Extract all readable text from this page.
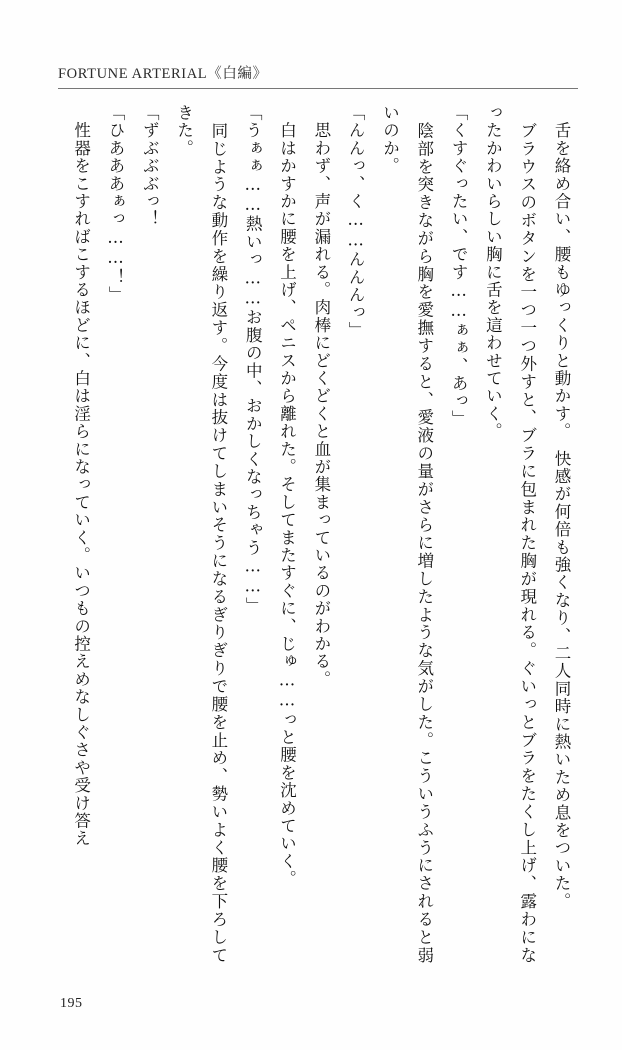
FORTUNE ARTERIAL《白編》

　舌を絡め合い、腰もゆっくりと動かす。　快感が何倍も強くなり、二人同時に熱いため息をついた。

　ブラウスのボタンを一つ一つ外すと、ブラに包まれた胸が現れる。ぐいっとブラをたくし上げ、露わになったかわいらしい胸に舌を這わせていく。

「くすぐったい、です……ぁぁ、あっ」

　陰部を突きながら胸を愛撫すると、愛液の量がさらに増したような気がした。こういうふうにされると弱いのか。

「んんっ、く……んんんっ」

　思わず、声が漏れる。肉棒にどくどくと血が集まっているのがわかる。

　白はかすかに腰を上げ、ペニスから離れた。そしてまたすぐに、じゅ……っと腰を沈めていく。

「うぁぁ……熱いっ……お腹の中、おかしくなっちゃう……」

　同じような動作を繰り返す。今度は抜けてしまいそうになるぎりぎりで腰を止め、勢いよく腰を下ろしてきた。

「ずぶぶぶっ！

「ひあああぁっ……！」

　性器をこすればこするほどに、白は淫らになっていく。いつもの控えめなしぐさや受け答え

195
